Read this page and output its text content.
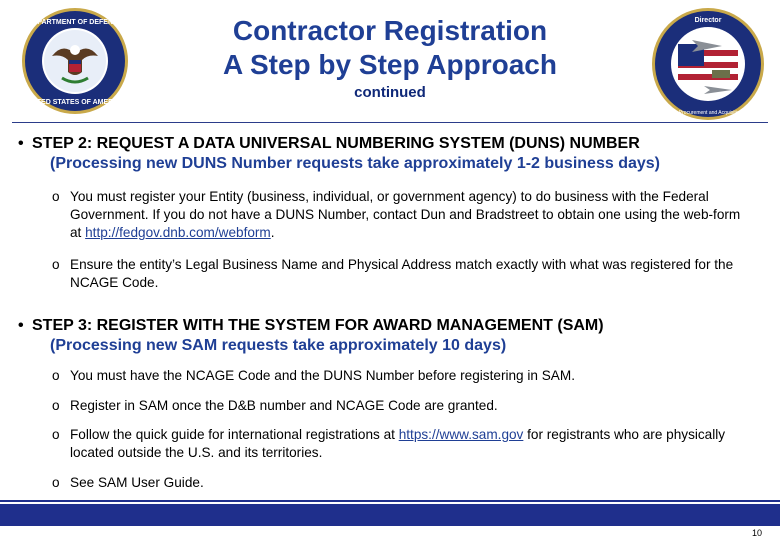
UNITED STATES OF AMERICA
DEPARTMENT OF DEFENSE	Contractor Registration
A Step by Step Approach
continued
Director
Defense Procurement and Acquisition Policy
• STEP 2: REQUEST A DATA UNIVERSAL NUMBERING SYSTEM (DUNS) NUMBER
(Processing new DUNS Number requests take approximately 1-2 business days)
o You must register your Entity (business, individual, or government agency) to do business with the Federal Government. If you do not have a DUNS Number, contact Dun and Bradstreet to obtain one using the web-form at http://fedgov.dnb.com/webform.
o Ensure the entity’s Legal Business Name and Physical Address match exactly with what was registered for the NCAGE Code.
• STEP 3: REGISTER WITH THE SYSTEM FOR AWARD MANAGEMENT (SAM)
(Processing new SAM requests take approximately 10 days)
o You must have the NCAGE Code and the DUNS Number before registering in SAM.
o Register in SAM once the D&B number and NCAGE Code are granted.
o Follow the quick guide for international registrations at https://www.sam.gov for registrants who are physically located outside the U.S. and its territories.
o See SAM User Guide.
10
